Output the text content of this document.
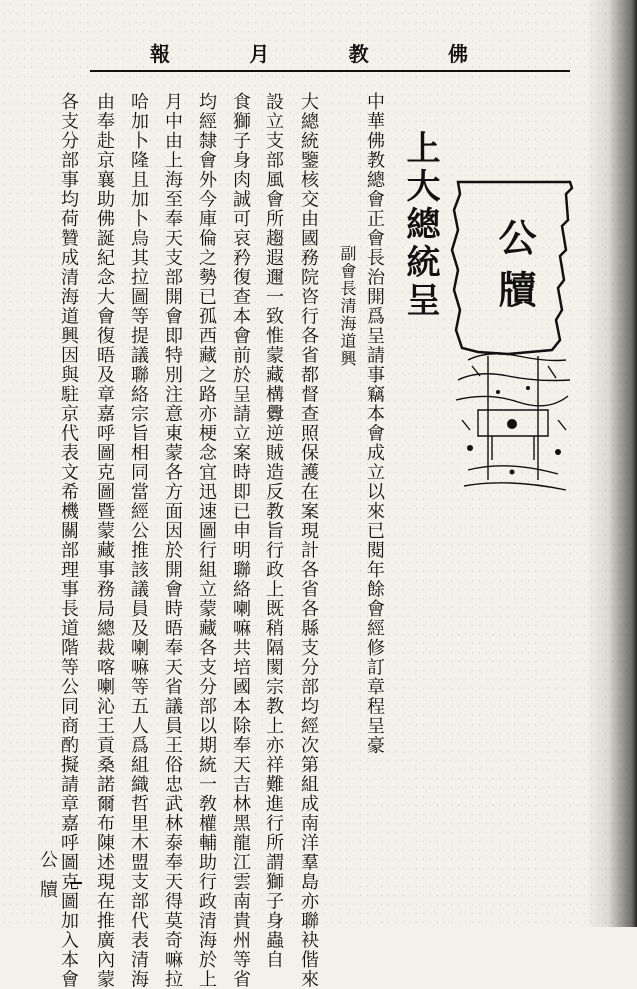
報	月	教	佛
公牘
上大總統呈
中華佛教總會正會長治開爲呈請事竊本會成立以來已閱年餘會經修訂章程呈豪
副會長清海道興
大總統鑒核交由國務院咨行各省都督查照保護在案現計各省各縣支分部均經次第組成南洋羣島亦聯袂偕來
設立支部風會所趨遐邇一致惟蒙藏構釁逆賊造反教旨行政上既稍隔閡宗教上亦祥難進行所謂獅子身蟲自
食獅子身肉誠可哀矜復查本會前於呈請立案時即已申明聯絡喇嘛共培國本除奉天吉林黑龍江雲南貴州等省
均經隸會外今庫倫之勢已孤西藏之路亦梗念宜迅速圖行組立蒙藏各支分部以期統一敎權輔助行政清海於上
月中由上海至奉天支部開會即特別注意東蒙各方面因於開會時晤奉天省議員王俗忠武林泰奉天得莫奇嘛拉
哈加卜隆且加卜烏其拉圖等提議聯絡宗旨相同當經公推該議員及喇嘛等五人爲組織哲里木盟支部代表清海
由奉赴京襄助佛誕紀念大會復晤及章嘉呼圖克圖暨蒙藏事務局總裁喀喇沁王貢桑諾爾布陳述現在推廣內蒙
各支分部事均荷贊成清海道興因與駐京代表文希機關部理事長道階等公同商酌擬請章嘉呼圖克圖加入本會
公牘
